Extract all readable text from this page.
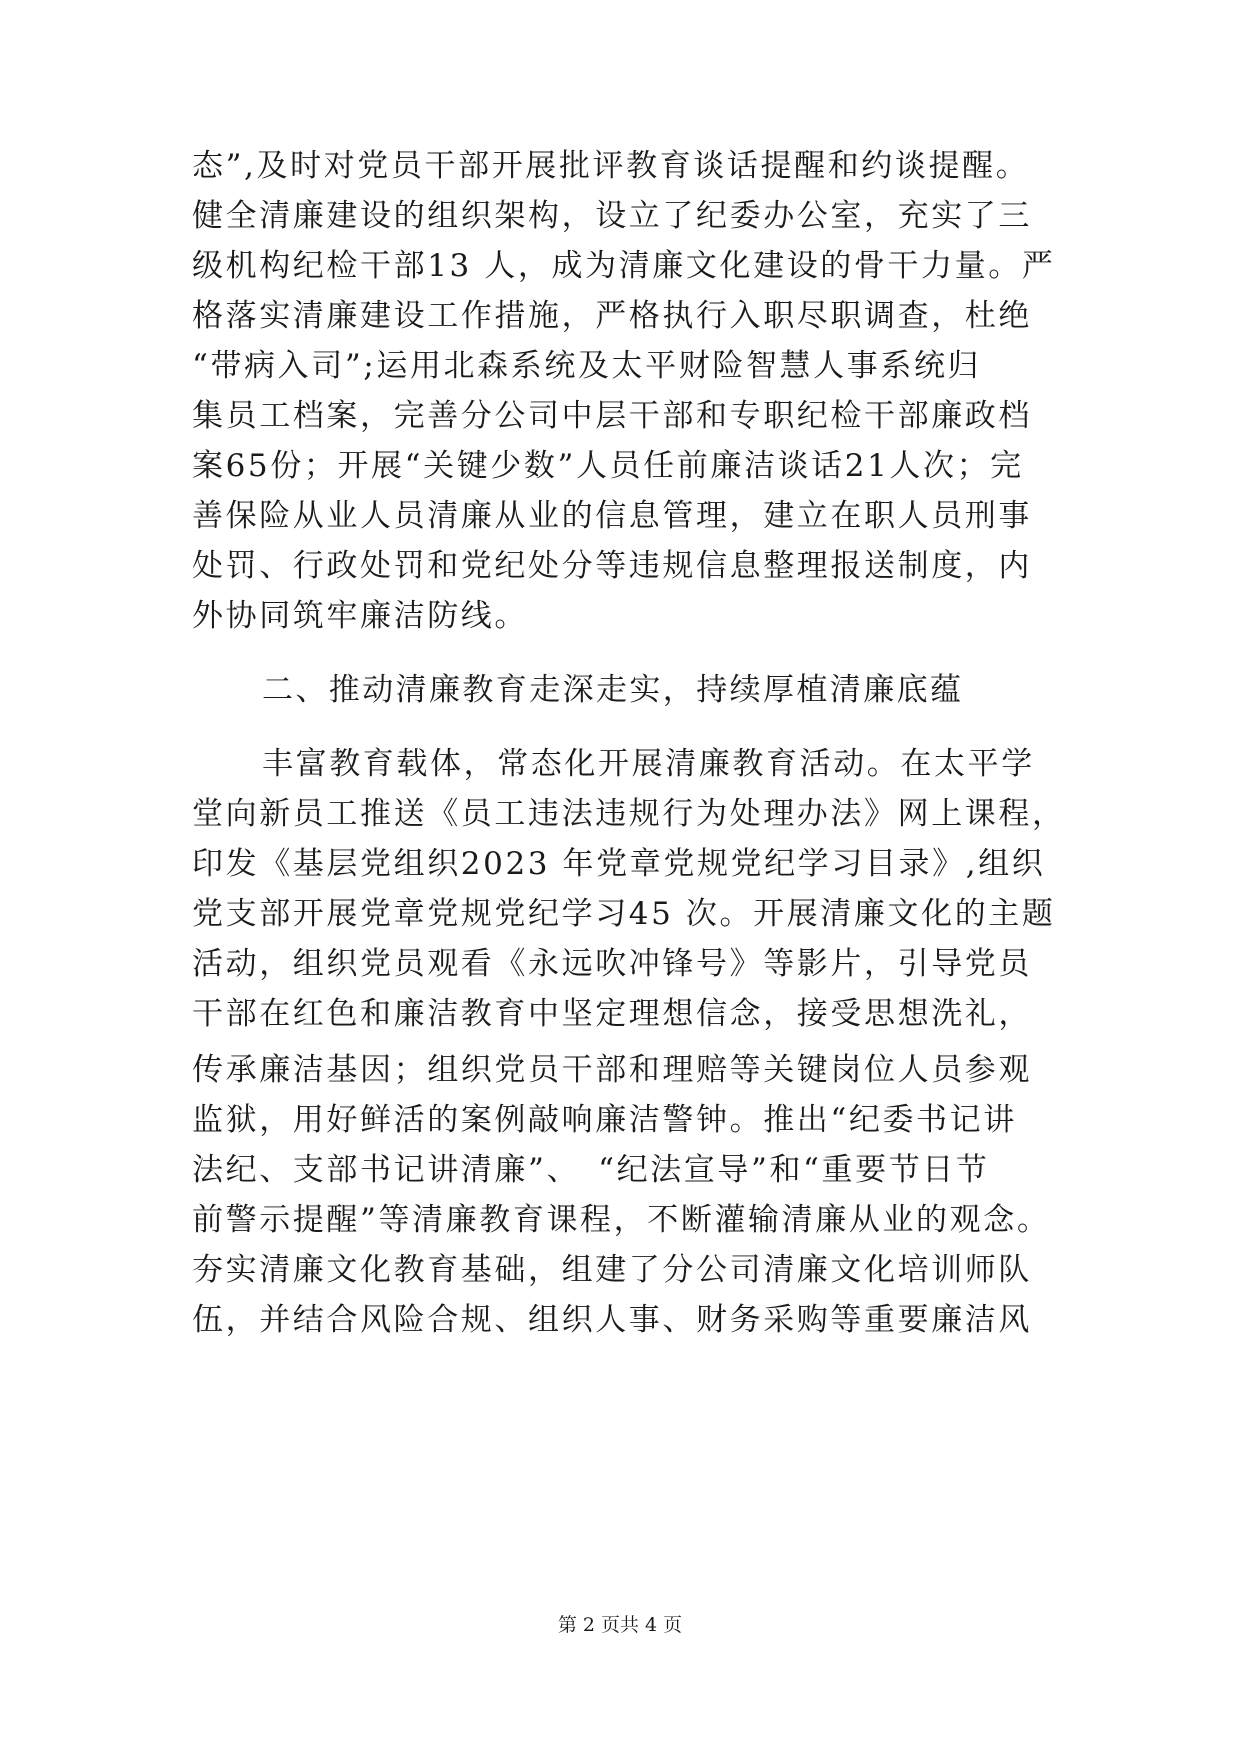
态”,及时对党员干部开展批评教育谈话提醒和约谈提醒。
健全清廉建设的组织架构，设立了纪委办公室，充实了三
级机构纪检干部13 人，成为清廉文化建设的骨干力量。严
格落实清廉建设工作措施，严格执行入职尽职调查，杜绝
“带病入司”;运用北森系统及太平财险智慧人事系统归
集员工档案，完善分公司中层干部和专职纪检干部廉政档
案65份；开展“关键少数”人员任前廉洁谈话21人次；完
善保险从业人员清廉从业的信息管理，建立在职人员刑事
处罚、行政处罚和党纪处分等违规信息整理报送制度，内
外协同筑牢廉洁防线。
二、推动清廉教育走深走实，持续厚植清廉底蕴
丰富教育载体，常态化开展清廉教育活动。在太平学
堂向新员工推送《员工违法违规行为处理办法》网上课程，
印发《基层党组织2023 年党章党规党纪学习目录》,组织
党支部开展党章党规党纪学习45 次。开展清廉文化的主题
活动，组织党员观看《永远吹冲锋号》等影片，引导党员
干部在红色和廉洁教育中坚定理想信念，接受思想洗礼，
传承廉洁基因；组织党员干部和理赔等关键岗位人员参观
监狱，用好鲜活的案例敲响廉洁警钟。推出“纪委书记讲
法纪、支部书记讲清廉”、　“纪法宣导”和“重要节日节
前警示提醒”等清廉教育课程，不断灌输清廉从业的观念。
夯实清廉文化教育基础，组建了分公司清廉文化培训师队
伍，并结合风险合规、组织人事、财务采购等重要廉洁风
第 2 页共 4 页
